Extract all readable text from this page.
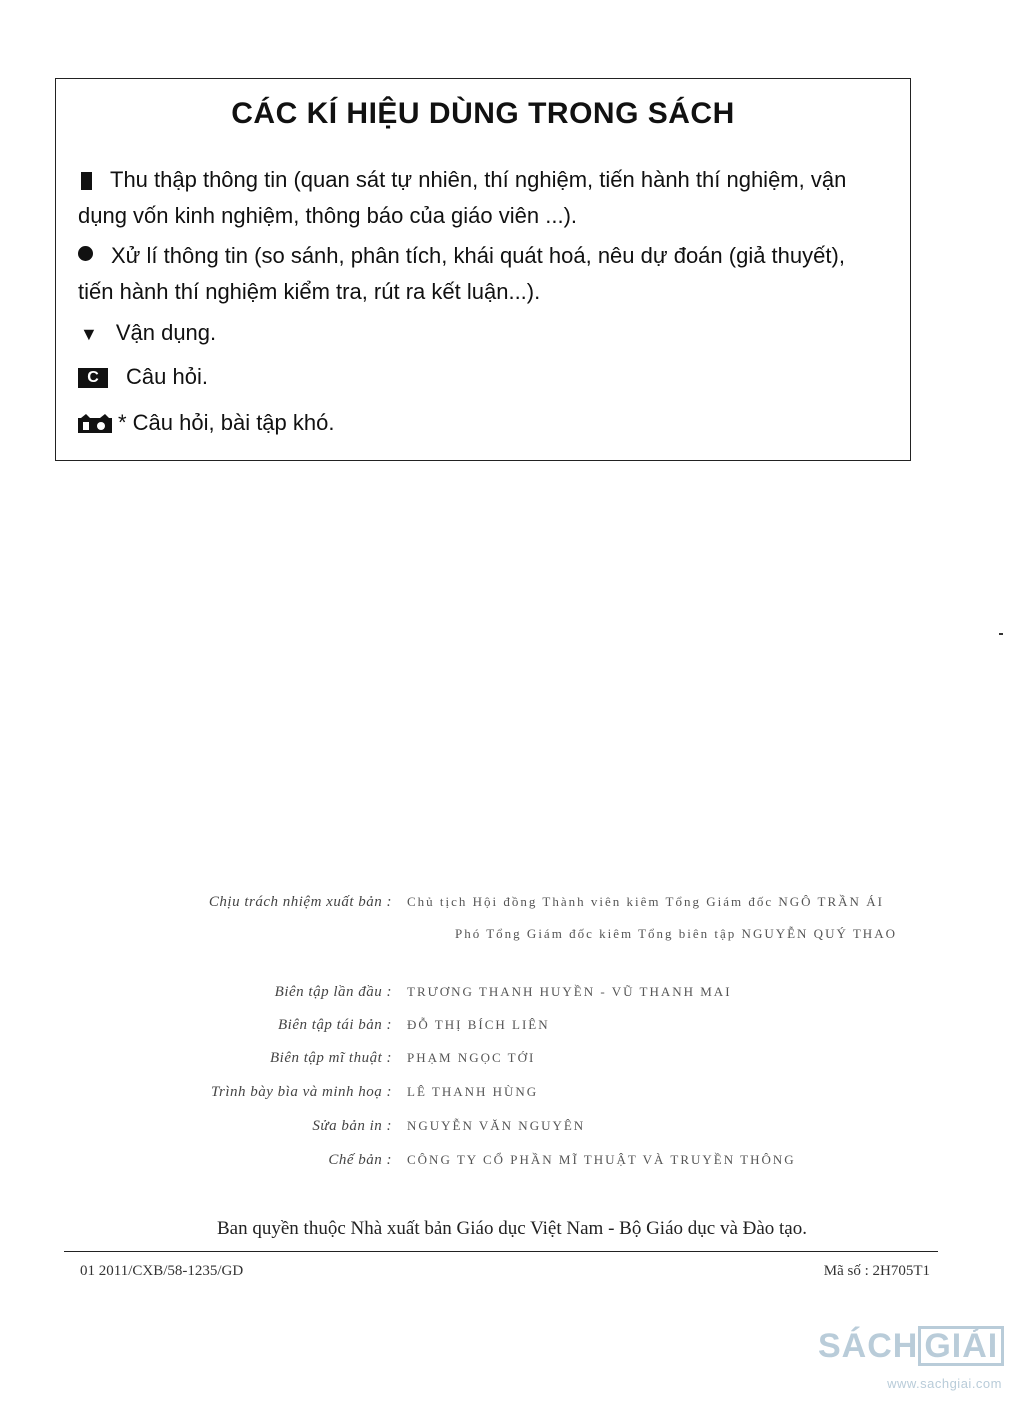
CÁC KÍ HIỆU DÙNG TRONG SÁCH
Thu thập thông tin (quan sát tự nhiên, thí nghiệm, tiến hành thí nghiệm, vận dụng vốn kinh nghiệm, thông báo của giáo viên ...).
Xử lí thông tin (so sánh, phân tích, khái quát hoá, nêu dự đoán (giả thuyết), tiến hành thí nghiệm kiểm tra, rút ra kết luận...).
▼ Vận dụng.
C Câu hỏi.
* Câu hỏi, bài tập khó.
Chịu trách nhiệm xuất bản : Chủ tịch Hội đồng Thành viên kiêm Tổng Giám đốc NGÔ TRẦN ÁI
Phó Tổng Giám đốc kiêm Tổng biên tập NGUYỄN QUÝ THAO
Biên tập lần đầu : TRƯƠNG THANH HUYỀN - VŨ THANH MAI
Biên tập tái bản : ĐỖ THỊ BÍCH LIÊN
Biên tập mĩ thuật : PHẠM NGỌC TỚI
Trình bày bìa và minh hoạ : LÊ THANH HÙNG
Sửa bản in : NGUYỄN VĂN NGUYÊN
Chế bản : CÔNG TY CỔ PHẦN MĨ THUẬT VÀ TRUYỀN THÔNG
Ban quyền thuộc Nhà xuất bản Giáo dục Việt Nam - Bộ Giáo dục và Đào tạo.
01 2011/CXB/58-1235/GD	Mã số : 2H705T1
SÁCH GIẢI
www.sachgiai.com
